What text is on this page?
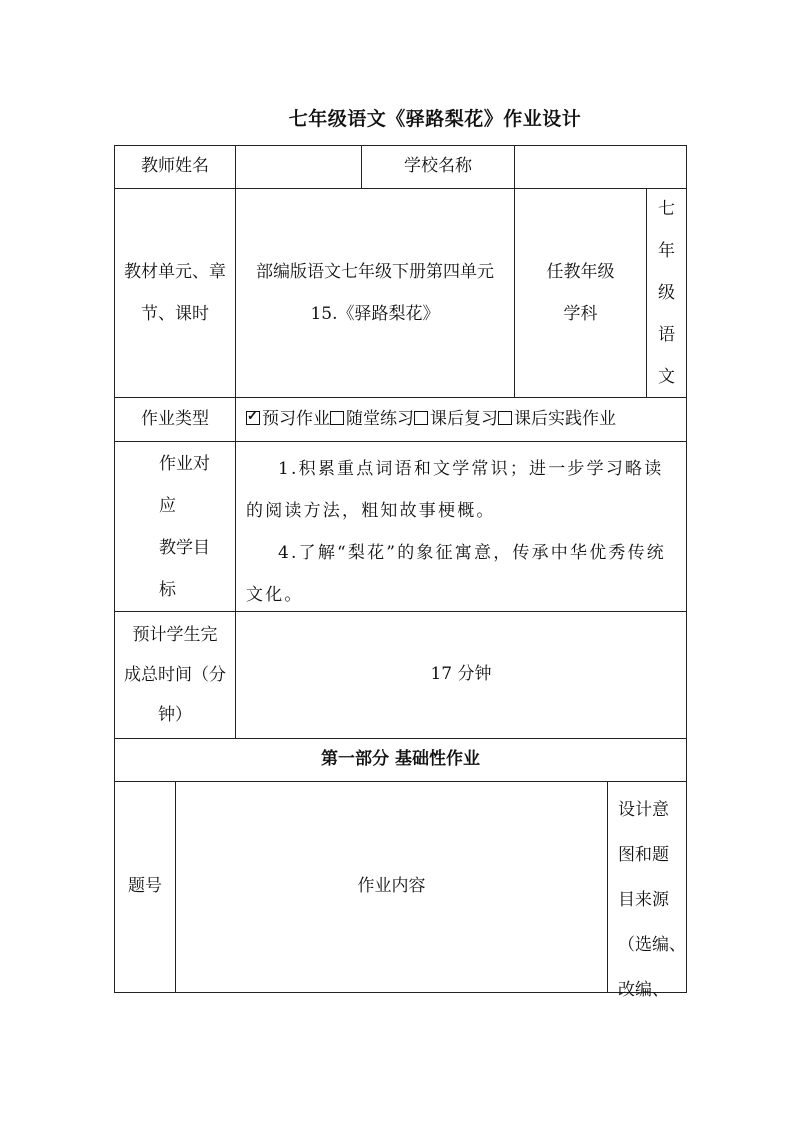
七年级语文《驿路梨花》作业设计
教师姓名	学校名称
教材单元、章
节、课时
部编版语文七年级下册第四单元
15.《驿路梨花》
任教年级
学科
七
年
级
语
文
作业类型
✓	预习作业 随堂练习 课后复习 课后实践作业
作业对
应
教学目
标

1.积累重点词语和文学常识；进一步学习略读的阅读方法，粗知故事梗概。

4.了解“梨花”的象征寓意，传承中华优秀传统文化。

预计学生完
成总时间（分
钟）
17 分钟
第一部分 基础性作业
题号	作业内容
设计意
图和题
目来源
（选编、
改编、
